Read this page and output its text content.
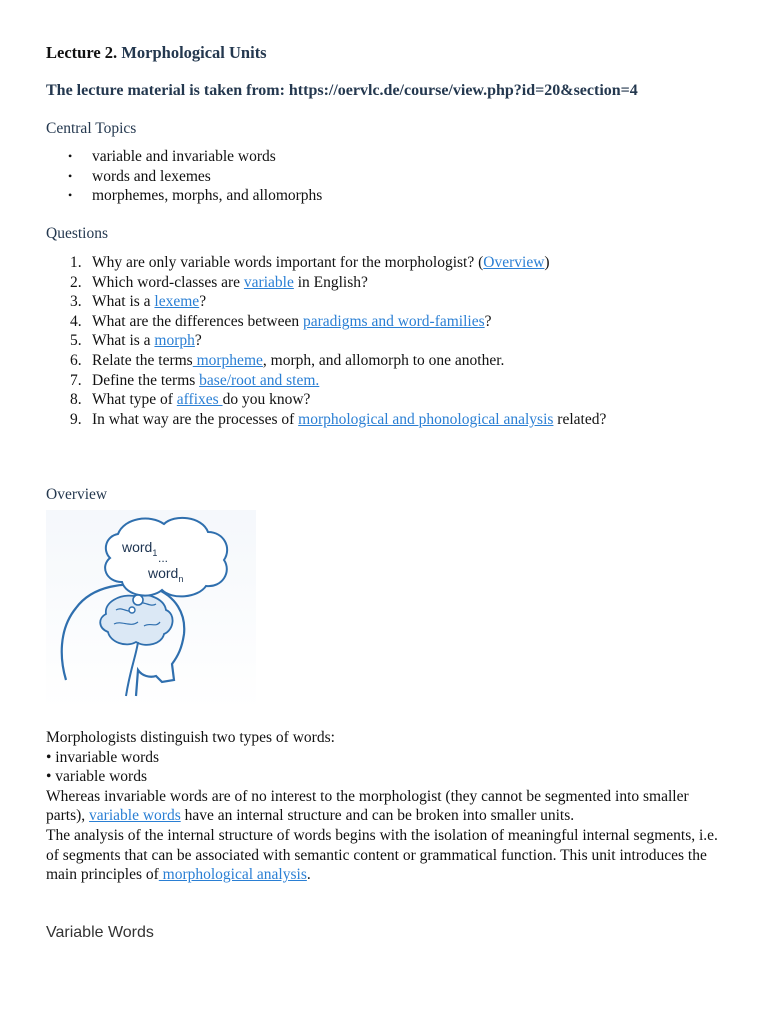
Lecture 2. Morphological Units
The lecture material is taken from: https://oervlc.de/course/view.php?id=20&section=4
Central Topics
• variable and invariable words
• words and lexemes
• morphemes, morphs, and allomorphs
Questions
1. Why are only variable words important for the morphologist? (Overview)
2. Which word-classes are variable in English?
3. What is a lexeme?
4. What are the differences between paradigms and word-families?
5. What is a morph?
6. Relate the terms morpheme, morph, and allomorph to one another.
7. Define the terms base/root and stem.
8. What type of affixes do you know?
9. In what way are the processes of morphological and phonological analysis related?
Overview
word$_1$ ...
word$_n$

Morphologists distinguish two types of words:

• invariable words

• variable words

Whereas invariable words are of no interest to the morphologist (they cannot be segmented into smaller parts), variable words have an internal structure and can be broken into smaller units.

The analysis of the internal structure of words begins with the isolation of meaningful internal segments, i.e. of segments that can be associated with semantic content or grammatical function. This unit introduces the main principles of morphological analysis.

Variable Words
